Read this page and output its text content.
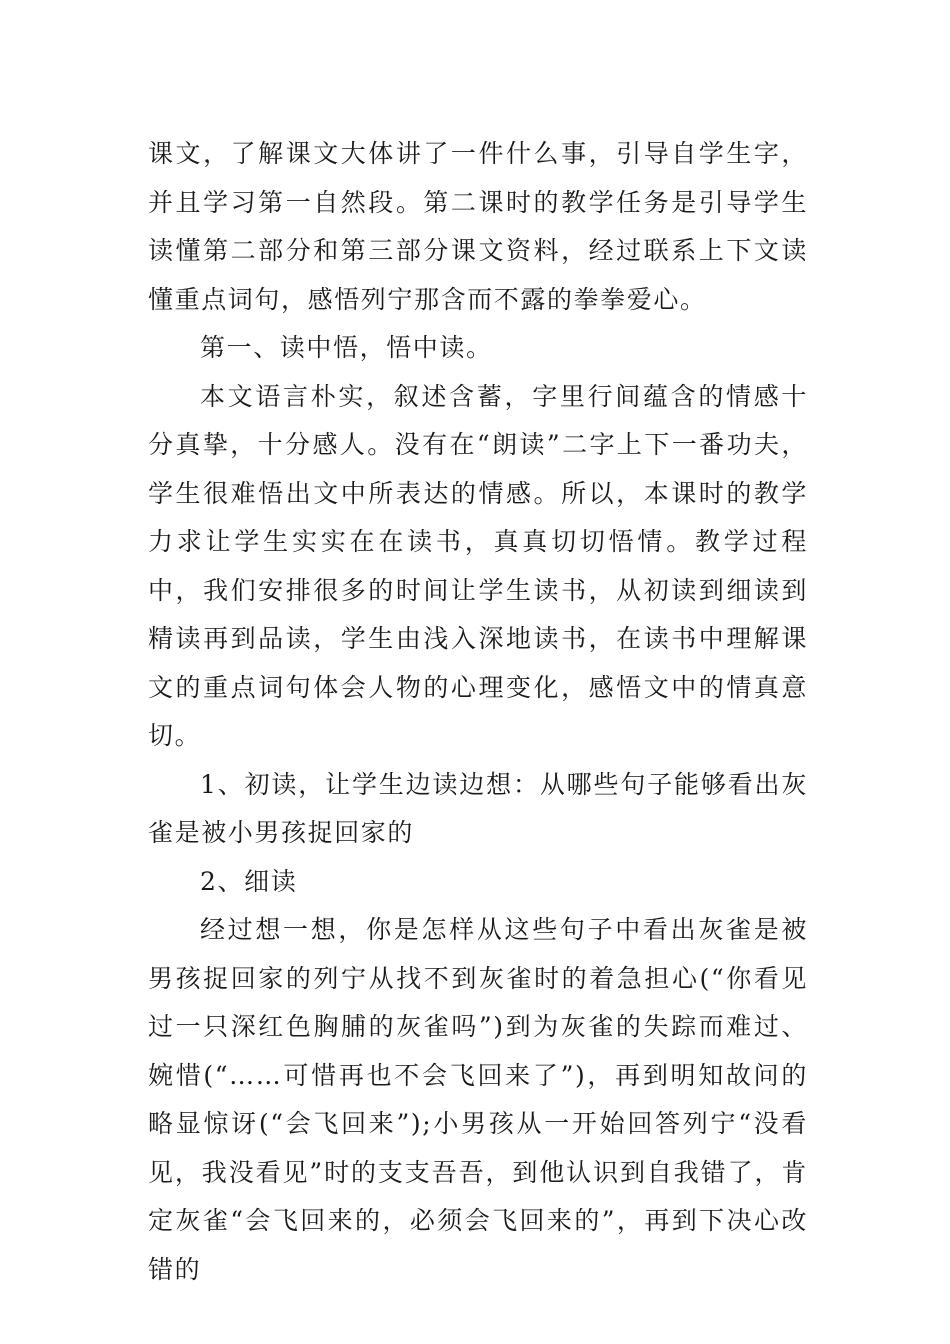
课文，了解课文大体讲了一件什么事，引导自学生字，并且学习第一自然段。第二课时的教学任务是引导学生读懂第二部分和第三部分课文资料，经过联系上下文读懂重点词句，感悟列宁那含而不露的拳拳爱心。

第一、读中悟，悟中读。

本文语言朴实，叙述含蓄，字里行间蕴含的情感十分真挚，十分感人。没有在“朗读”二字上下一番功夫，学生很难悟出文中所表达的情感。所以，本课时的教学力求让学生实实在在读书，真真切切悟情。教学过程中，我们安排很多的时间让学生读书，从初读到细读到精读再到品读，学生由浅入深地读书，在读书中理解课文的重点词句体会人物的心理变化，感悟文中的情真意切。

1、初读，让学生边读边想：从哪些句子能够看出灰雀是被小男孩捉回家的

2、细读

经过想一想，你是怎样从这些句子中看出灰雀是被男孩捉回家的列宁从找不到灰雀时的着急担心(“你看见过一只深红色胸脯的灰雀吗”)到为灰雀的失踪而难过、婉惜(“……可惜再也不会飞回来了”)，再到明知故问的略显惊讶(“会飞回来”);小男孩从一开始回答列宁“没看见，我没看见”时的支支吾吾，到他认识到自我错了，肯定灰雀“会飞回来的，必须会飞回来的”，再到下决心改错的
